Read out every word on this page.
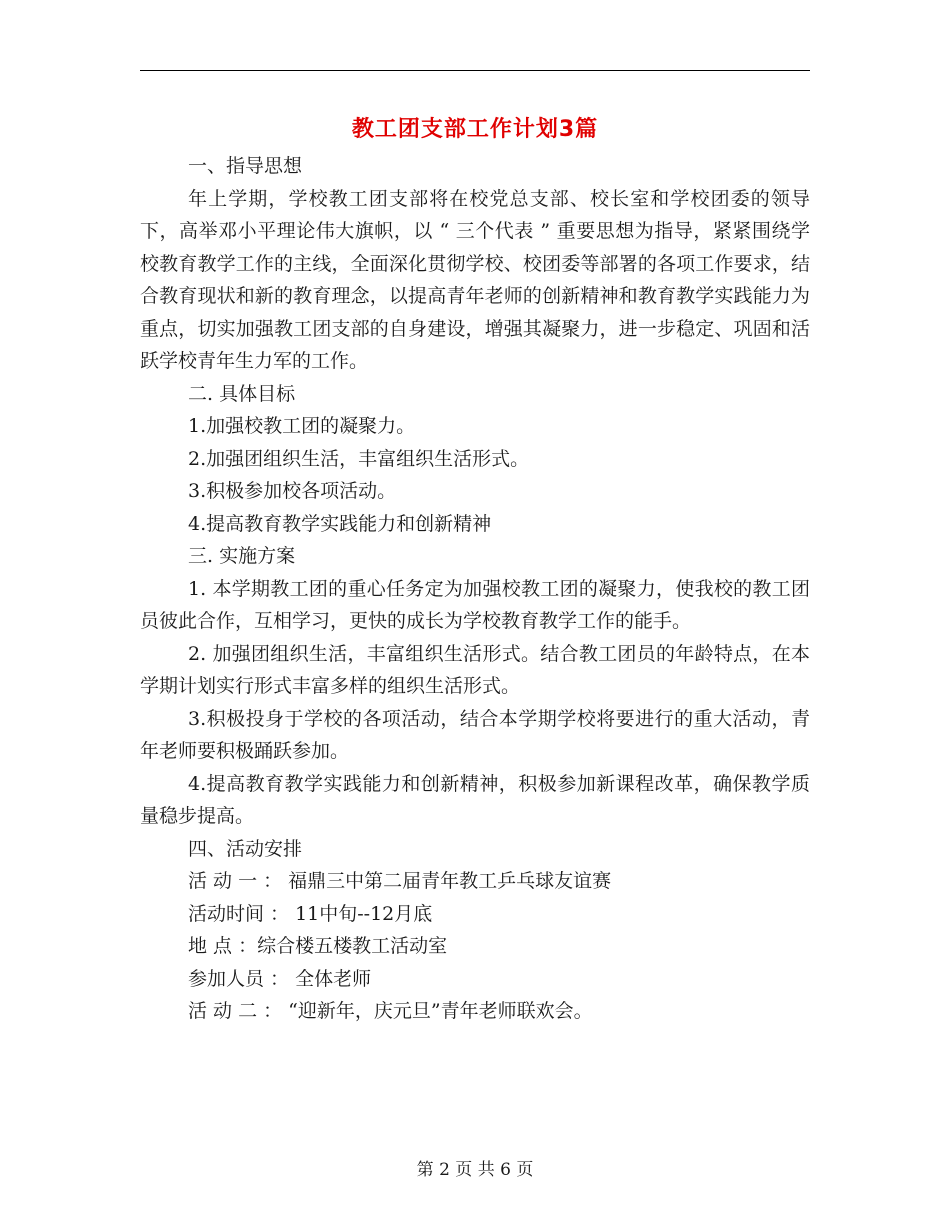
教工团支部工作计划3篇

一、指导思想

年上学期，学校教工团支部将在校党总支部、校长室和学校团委的领导下，高举邓小平理论伟大旗帜，以 “ 三个代表 ” 重要思想为指导，紧紧围绕学校教育教学工作的主线，全面深化贯彻学校、校团委等部署的各项工作要求，结合教育现状和新的教育理念，以提高青年老师的创新精神和教育教学实践能力为重点，切实加强教工团支部的自身建设，增强其凝聚力，进一步稳定、巩固和活跃学校青年生力军的工作。

二. 具体目标

1.加强校教工团的凝聚力。

2.加强团组织生活，丰富组织生活形式。

3.积极参加校各项活动。

4.提高教育教学实践能力和创新精神

三. 实施方案

1. 本学期教工团的重心任务定为加强校教工团的凝聚力，使我校的教工团员彼此合作，互相学习，更快的成长为学校教育教学工作的能手。

2. 加强团组织生活，丰富组织生活形式。结合教工团员的年龄特点，在本学期计划实行形式丰富多样的组织生活形式。

3.积极投身于学校的各项活动，结合本学期学校将要进行的重大活动，青年老师要积极踊跃参加。

4.提高教育教学实践能力和创新精神，积极参加新课程改革，确保教学质量稳步提高。

四、活动安排

活 动 一 ： 福鼎三中第二届青年教工乒乓球友谊赛

活动时间 ： 11中旬--12月底

地 点 ：综合楼五楼教工活动室

参加人员 ： 全体老师

活 动 二 ： “迎新年，庆元旦”青年老师联欢会。

第 2 页 共 6 页
